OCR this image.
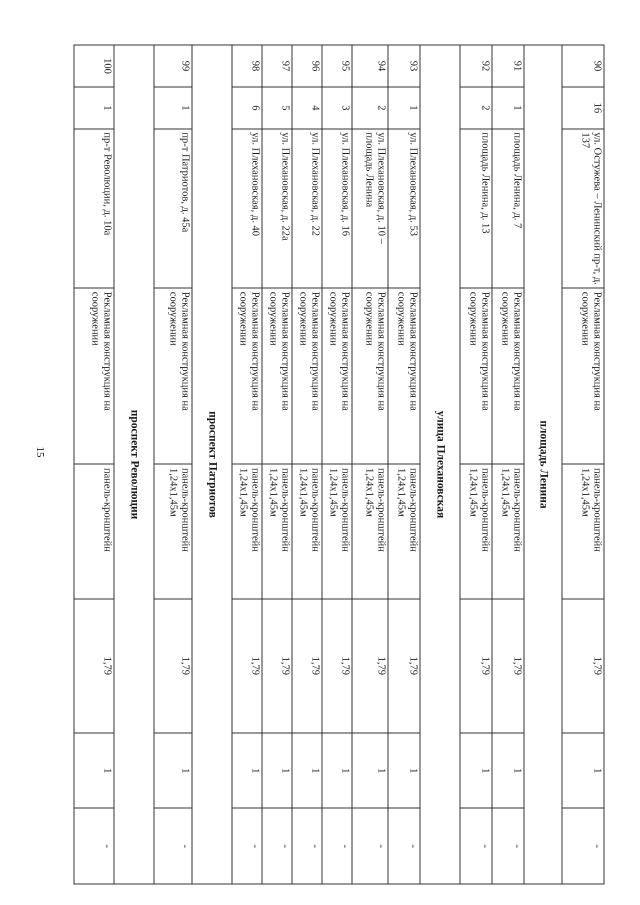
15
90	16	ул. Остужева – Ленинский пр-т, д. 137	Рекламная конструкция на сооружении	панель-кронштейн 1,24х1,45м	1,79	1	-
площадь Ленина							
91	1	площадь Ленина, д. 7	Рекламная конструкция на сооружении	панель-кронштейн 1,24х1,45м	1,79	1	-
92	2	площадь Ленина, д. 13	Рекламная конструкция на сооружении	панель-кронштейн 1,24х1,45м	1,79	1	-
улица Плехановская							
93	1	ул. Плехановская, д. 53	Рекламная конструкция на сооружении	панель-кронштейн 1,24х1,45м	1,79	1	-
94	2	ул. Плехановская, д. 10 – площадь Ленина	Рекламная конструкция на сооружении	панель-кронштейн 1,24х1,45м	1,79	1	-
95	3	ул. Плехановская, д. 16	Рекламная конструкция на сооружении	панель-кронштейн 1,24х1,45м	1,79	1	-
96	4	ул. Плехановская, д. 22	Рекламная конструкция на сооружении	панель-кронштейн 1,24х1,45м	1,79	1	-
97	5	ул. Плехановская, д. 22а	Рекламная конструкция на сооружении	панель-кронштейн 1,24х1,45м	1,79	1	-
98	6	ул. Плехановская, д. 40	Рекламная конструкция на сооружении	панель-кронштейн 1,24х1,45м	1,79	1	-
проспект Патриотов							
99	1	пр-т Патриотов, д. 45а	Рекламная конструкция на сооружении	панель-кронштейн 1,24х1,45м	1,79	1	-
проспект Революции							
100	1	пр-т Революции, д. 10а	Рекламная конструкция на сооружении	панель-кронштейн	1,79	1	-
